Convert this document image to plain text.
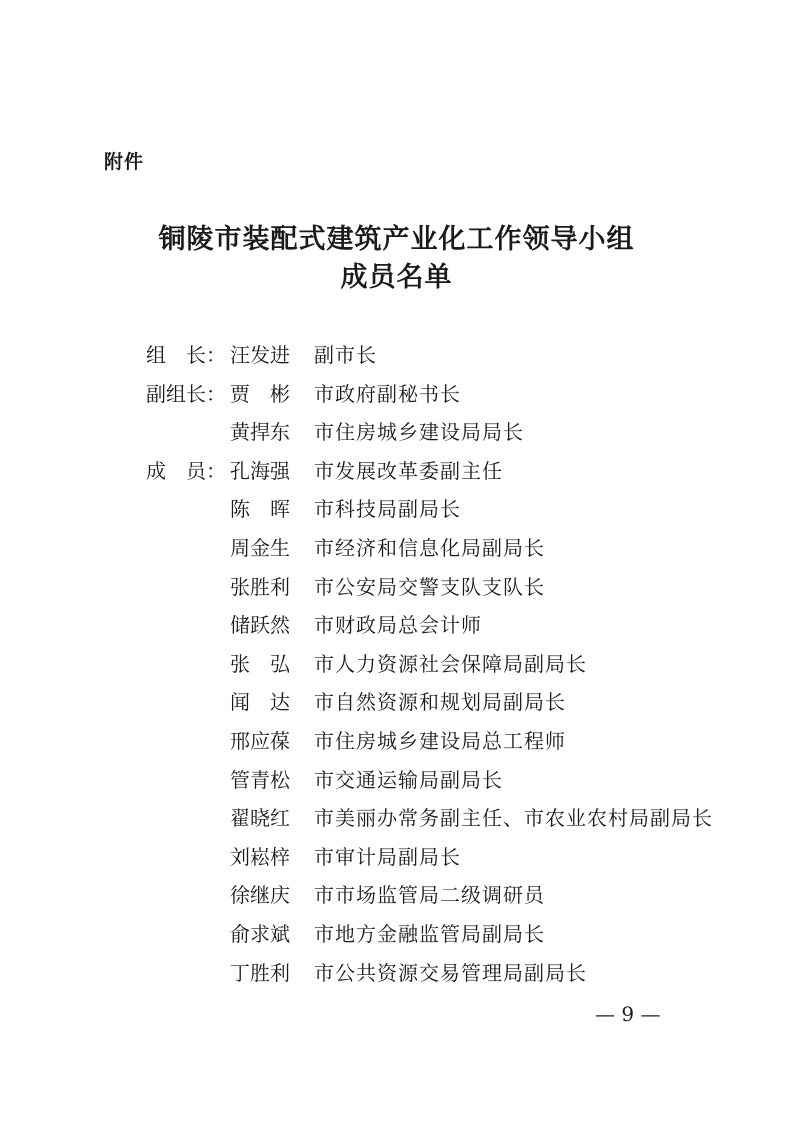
附件
铜陵市装配式建筑产业化工作领导小组
成员名单
组　长： 汪发进 副市长
副组长： 贾　彬 市政府副秘书长
黄捍东 市住房城乡建设局局长
成　员： 孔海强 市发展改革委副主任
陈　晖 市科技局副局长
周金生 市经济和信息化局副局长
张胜利 市公安局交警支队支队长
储跃然 市财政局总会计师
张　弘 市人力资源社会保障局副局长
闻　达 市自然资源和规划局副局长
邢应葆 市住房城乡建设局总工程师
管青松 市交通运输局副局长
翟晓红 市美丽办常务副主任、市农业农村局副局长
刘崧梓 市审计局副局长
徐继庆 市市场监管局二级调研员
俞求斌 市地方金融监管局副局长
丁胜利 市公共资源交易管理局副局长
— 9 —
